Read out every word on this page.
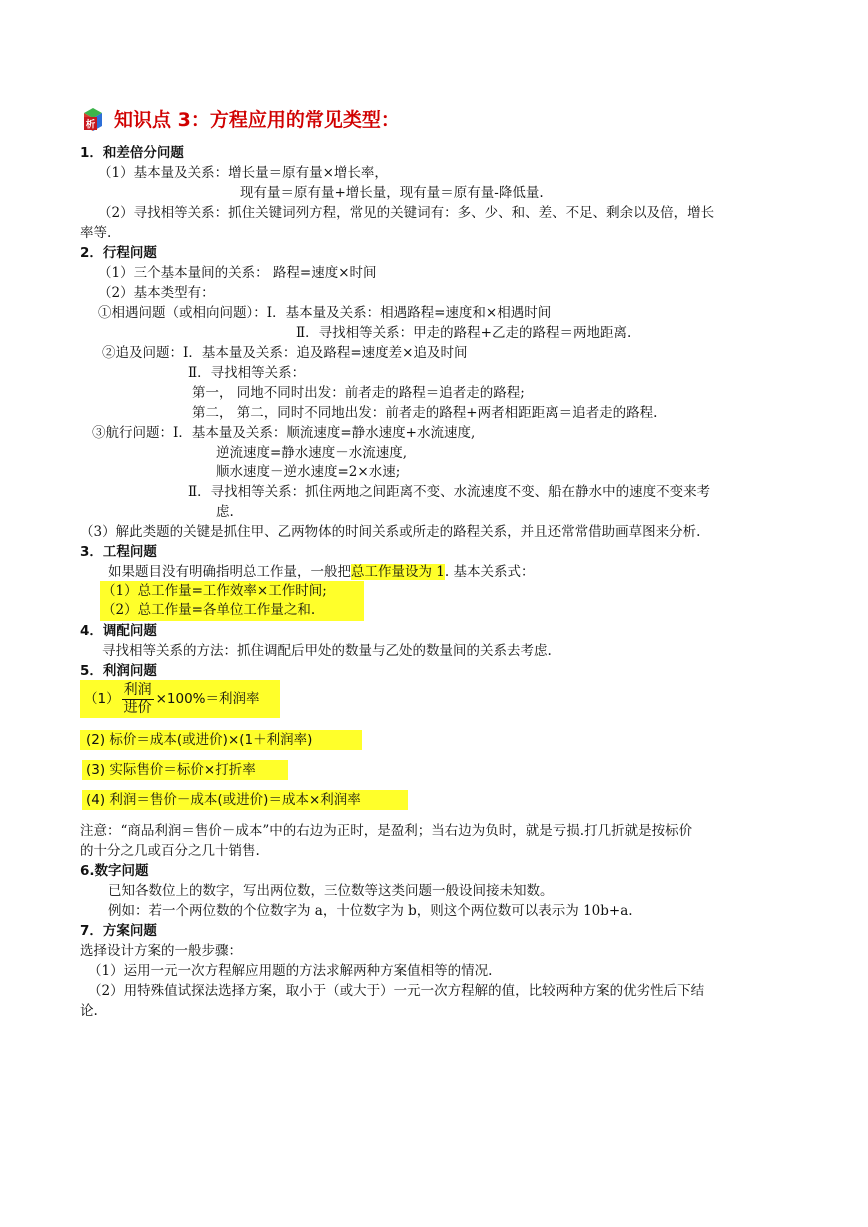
析 知识点 3：方程应用的常见类型：
1．和差倍分问题
（1）基本量及关系：增长量＝原有量×增长率，
现有量＝原有量+增长量，现有量＝原有量-降低量.
（2）寻找相等关系：抓住关键词列方程，常见的关键词有：多、少、和、差、不足、剩余以及倍，增长
率等.
2．行程问题
（1）三个基本量间的关系： 路程=速度×时间
（2）基本类型有：
①相遇问题（或相向问题）：Ⅰ．基本量及关系：相遇路程=速度和×相遇时间
Ⅱ．寻找相等关系：甲走的路程+乙走的路程＝两地距离.
②追及问题：Ⅰ．基本量及关系：追及路程=速度差×追及时间
Ⅱ．寻找相等关系：
第一， 同地不同时出发：前者走的路程＝追者走的路程;
第二， 第二，同时不同地出发：前者走的路程+两者相距距离＝追者走的路程.
③航行问题：Ⅰ．基本量及关系：顺流速度=静水速度+水流速度,
逆流速度=静水速度－水流速度,
顺水速度－逆水速度=2×水速;
Ⅱ．寻找相等关系：抓住两地之间距离不变、水流速度不变、船在静水中的速度不变来考
虑.
（3）解此类题的关键是抓住甲、乙两物体的时间关系或所走的路程关系，并且还常常借助画草图来分析.
3．工程问题
如果题目没有明确指明总工作量，一般把总工作量设为 1. 基本关系式：
（1）总工作量=工作效率×工作时间;
（2）总工作量=各单位工作量之和.
4．调配问题
寻找相等关系的方法：抓住调配后甲处的数量与乙处的数量间的关系去考虑.
5．利润问题
$(1) \frac{\text{利润}}{\text{进价}} \times 100\%=$利润率
(2) 标价＝成本(或进价)×(1＋利润率)
(3) 实际售价＝标价×打折率
(4) 利润＝售价－成本(或进价)＝成本×利润率
注意：“商品利润＝售价－成本”中的右边为正时，是盈利；当右边为负时，就是亏损.打几折就是按标价
的十分之几或百分之几十销售.
6.数字问题
已知各数位上的数字，写出两位数，三位数等这类问题一般设间接未知数。
例如：若一个两位数的个位数字为 a，十位数字为 b，则这个两位数可以表示为 10b+a.
7．方案问题
选择设计方案的一般步骤：
（1）运用一元一次方程解应用题的方法求解两种方案值相等的情况.
（2）用特殊值试探法选择方案，取小于（或大于）一元一次方程解的值，比较两种方案的优劣性后下结
论.
